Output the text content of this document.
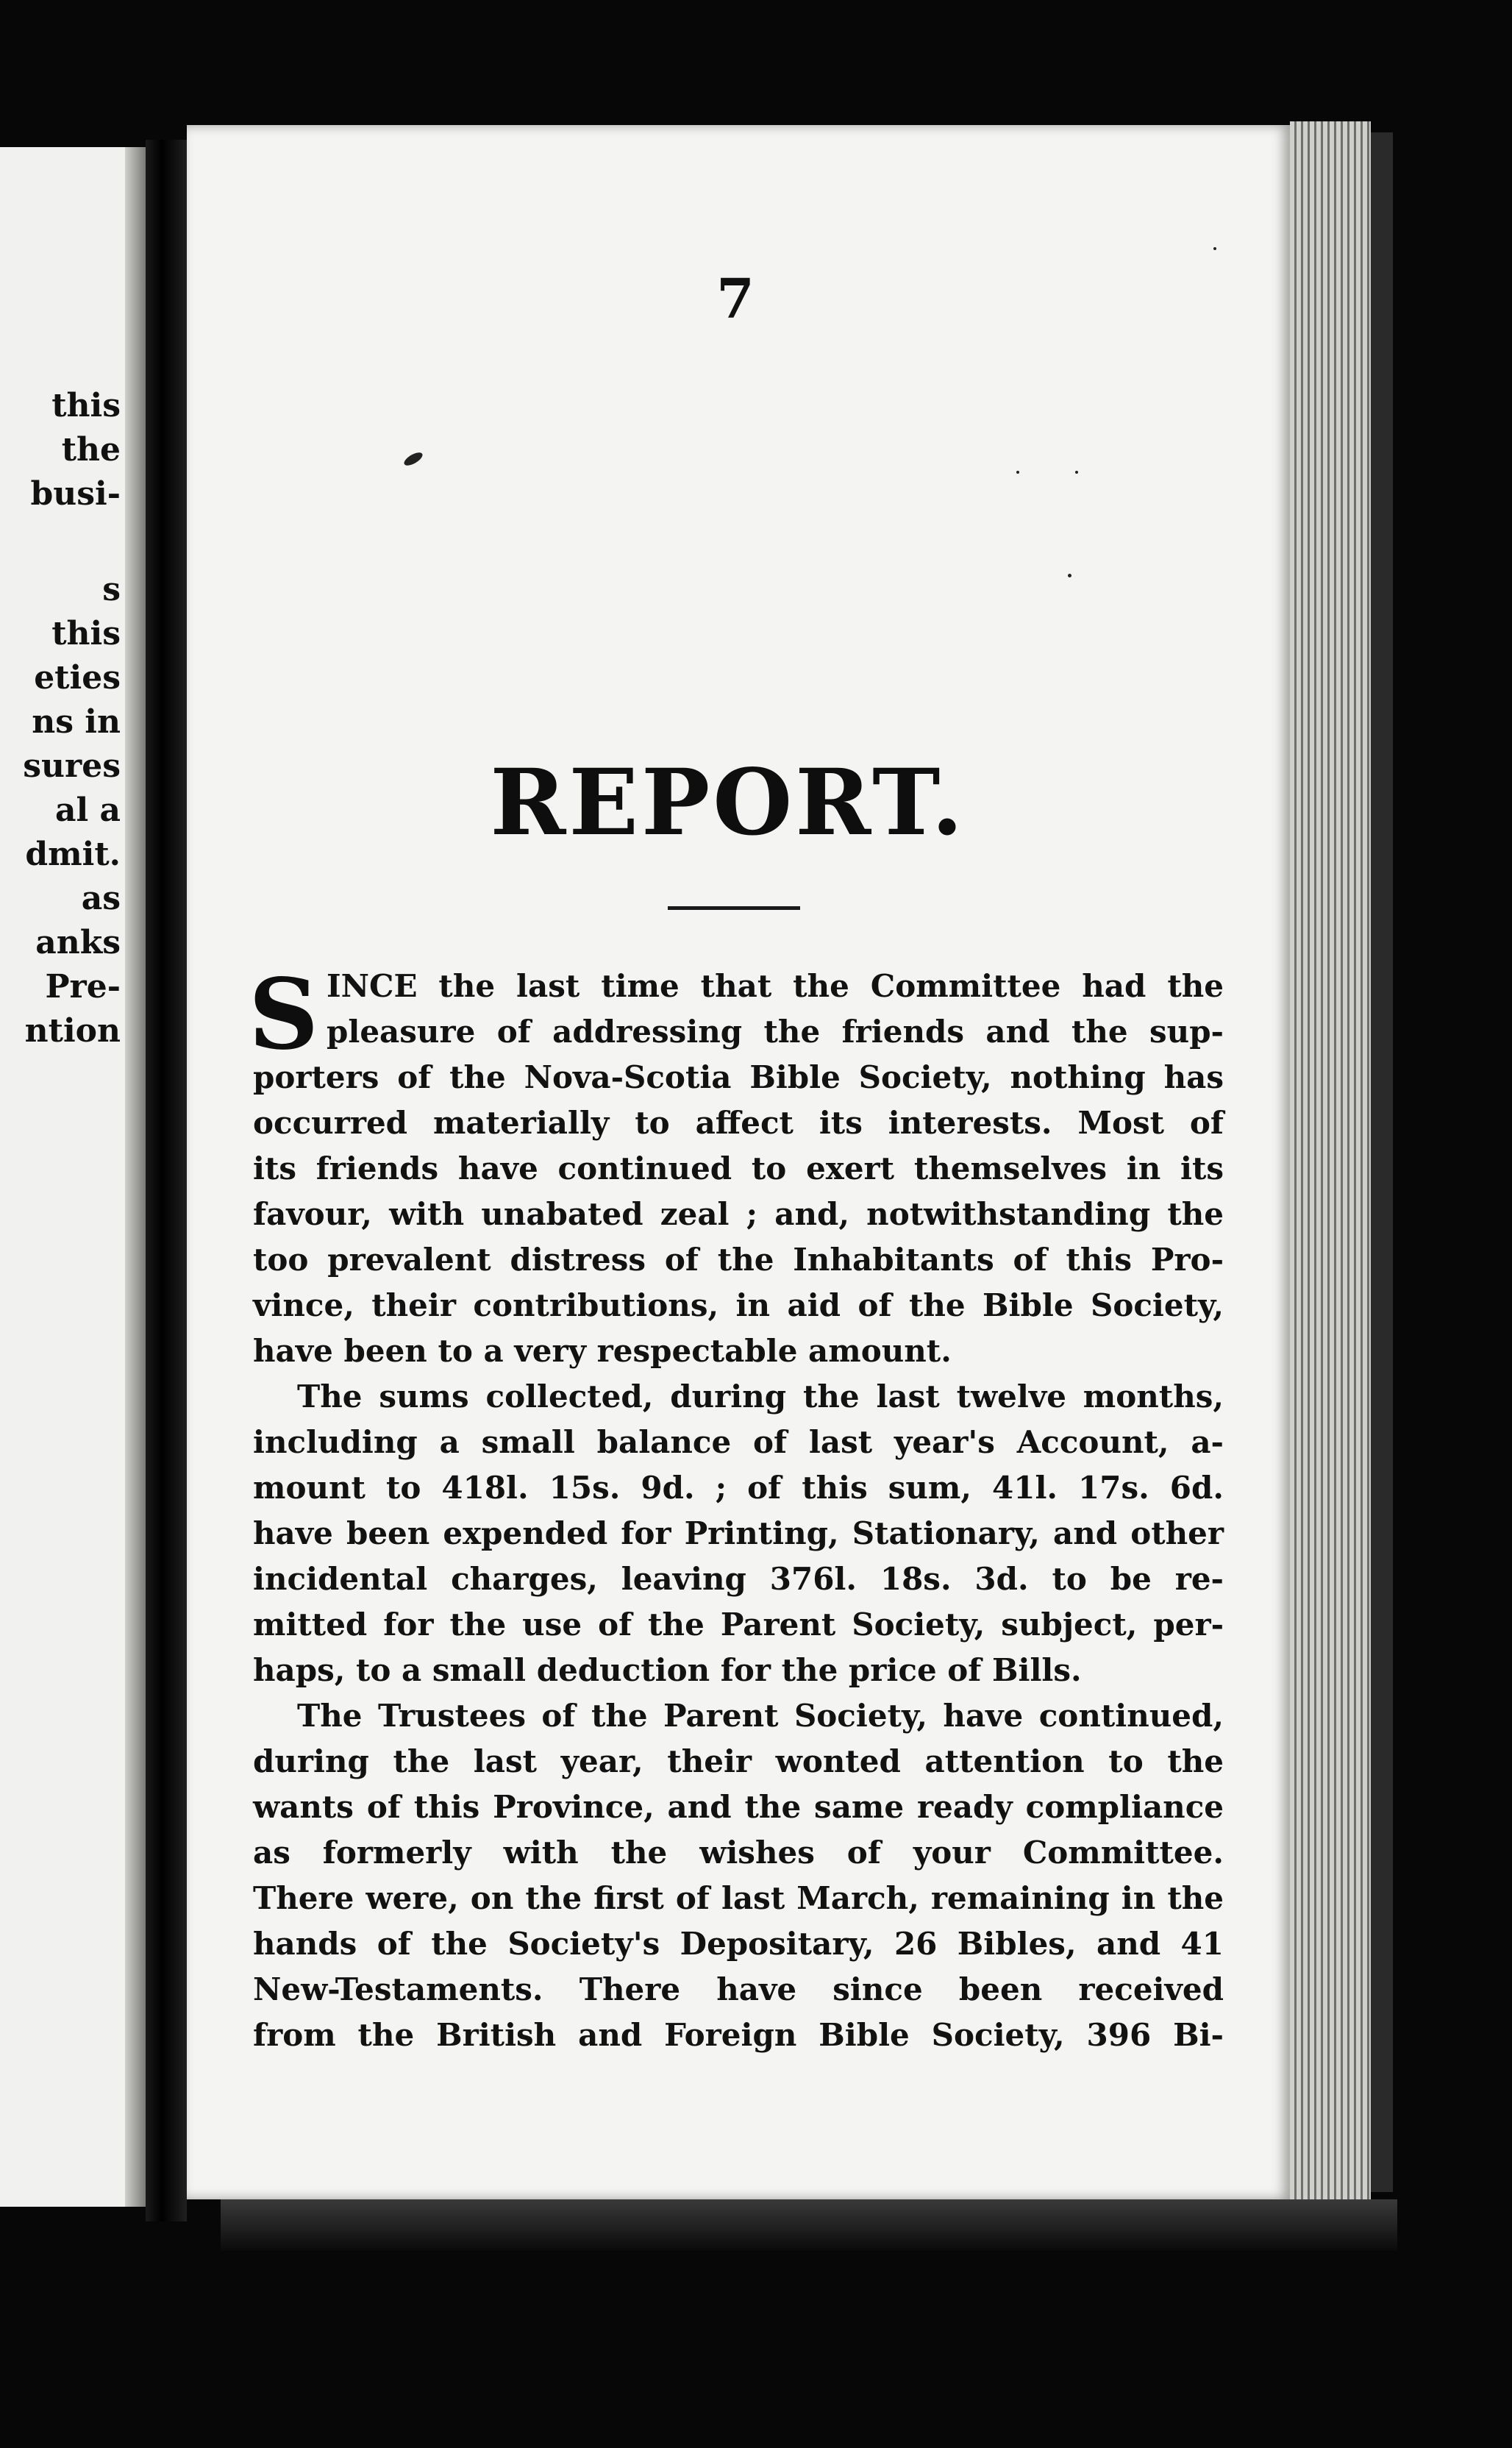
this
the
busi-
s
this
eties
ns in
sures
al a
dmit.
as
anks
Pre-
ntion
7
REPORT.
S INCE the last time that the Committee had the
pleasure of addressing the friends and the sup-
porters of the Nova-Scotia Bible Society, nothing has
occurred materially to affect its interests. Most of
its friends have continued to exert themselves in its
favour, with unabated zeal ; and, notwithstanding the
too prevalent distress of the Inhabitants of this Pro-
vince, their contributions, in aid of the Bible Society,
have been to a very respectable amount.
The sums collected, during the last twelve months,
including a small balance of last year's Account, a-
mount to 418l. 15s. 9d. ; of this sum, 41l. 17s. 6d.
have been expended for Printing, Stationary, and other
incidental charges, leaving 376l. 18s. 3d. to be re-
mitted for the use of the Parent Society, subject, per-
haps, to a small deduction for the price of Bills.
The Trustees of the Parent Society, have continued,
during the last year, their wonted attention to the
wants of this Province, and the same ready compliance
as formerly with the wishes of your Committee.
There were, on the first of last March, remaining in the
hands of the Society's Depositary, 26 Bibles, and 41
New-Testaments. There have since been received
from the British and Foreign Bible Society, 396 Bi-
